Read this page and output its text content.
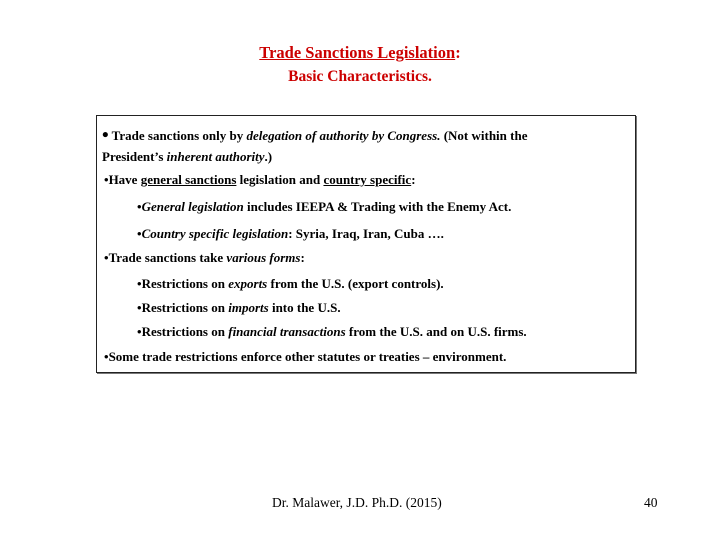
Trade Sanctions Legislation:
Basic Characteristics.
• Trade sanctions only by delegation of authority by Congress. (Not within the
President’s inherent authority.)
•Have general sanctions legislation and country specific:
•General legislation includes IEEPA & Trading with the Enemy Act.
•Country specific legislation: Syria, Iraq, Iran, Cuba ….
•Trade sanctions take various forms:
•Restrictions on exports from the U.S. (export controls).
•Restrictions on imports into the U.S.
•Restrictions on financial transactions from the U.S. and on U.S. firms.
•Some trade restrictions enforce other statutes or treaties – environment.
Dr. Malawer, J.D. Ph.D. (2015)	40
